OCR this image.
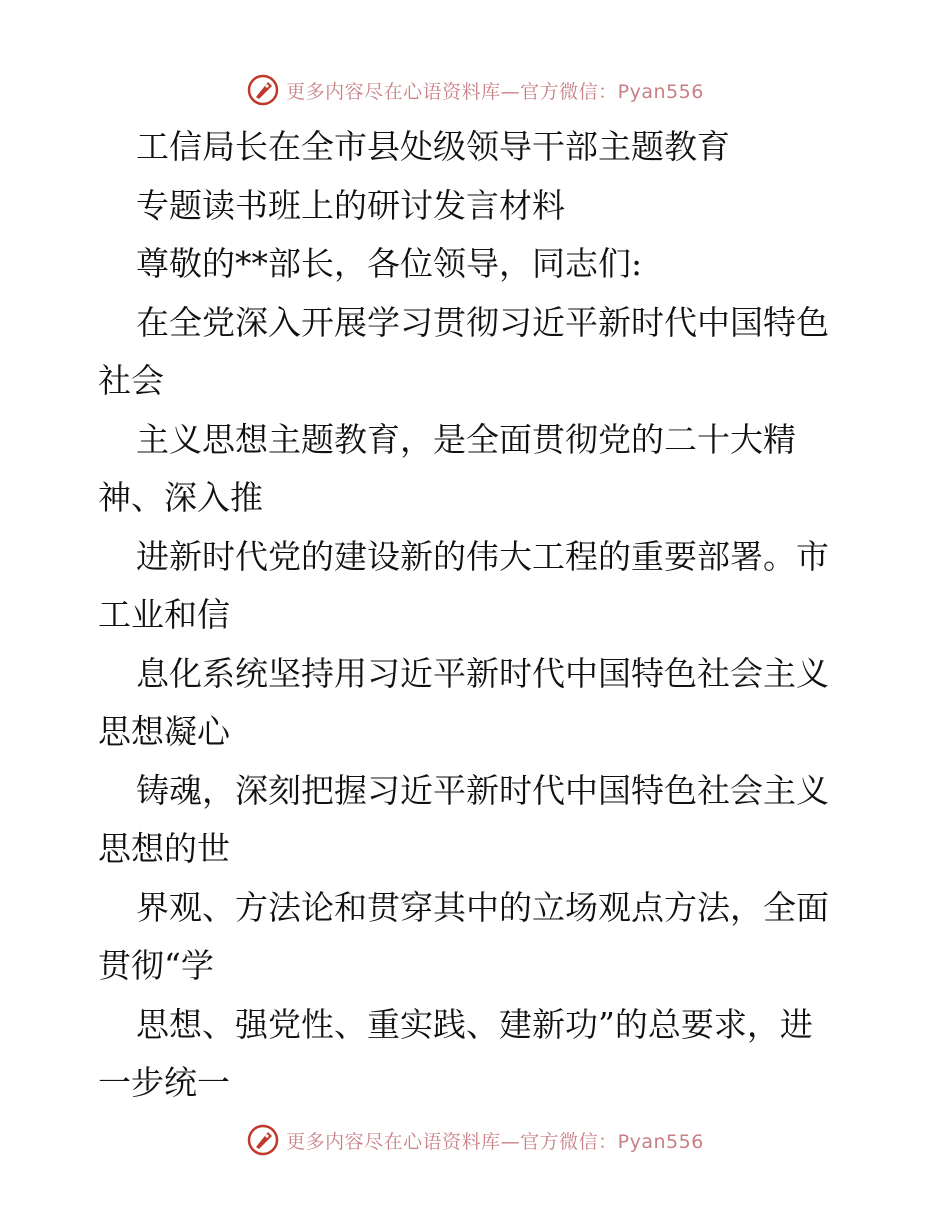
更多内容尽在心语资料库—官方微信：Pyan556
工信局长在全市县处级领导干部主题教育
专题读书班上的研讨发言材料
尊敬的**部长，各位领导，同志们:
在全党深入开展学习贯彻习近平新时代中国特色
社会
主义思想主题教育，是全面贯彻党的二十大精
神、深入推
进新时代党的建设新的伟大工程的重要部署。市
工业和信
息化系统坚持用习近平新时代中国特色社会主义
思想凝心
铸魂，深刻把握习近平新时代中国特色社会主义
思想的世
界观、方法论和贯穿其中的立场观点方法，全面
贯彻“学
思想、强党性、重实践、建新功”的总要求，进
一步统一
更多内容尽在心语资料库—官方微信：Pyan556
